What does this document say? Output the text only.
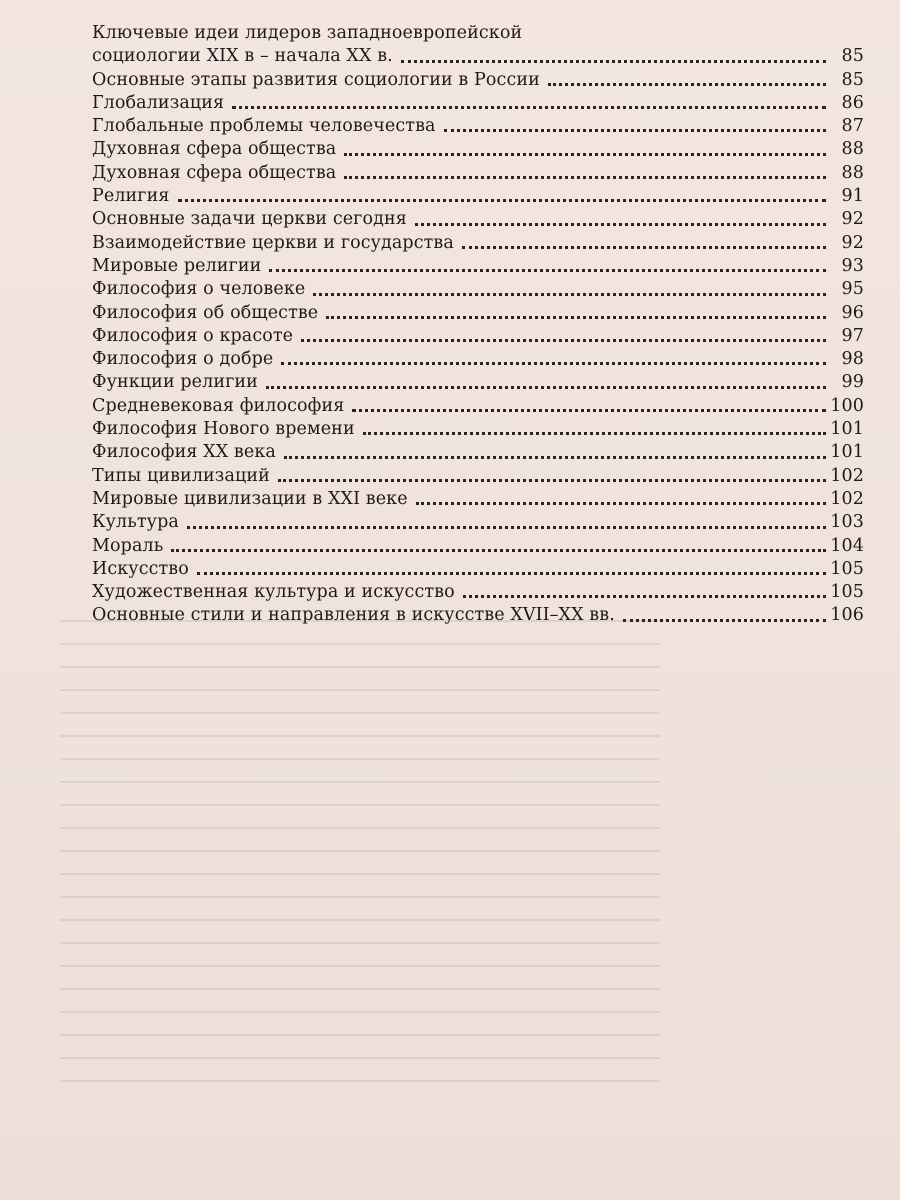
Ключевые идеи лидеров западноевропейской
социологии XIX в – начала XX в.	85
Основные этапы развития социологии в России	85
Глобализация	86
Глобальные проблемы человечества	87
Духовная сфера общества	88
Духовная сфера общества	88
Религия	91
Основные задачи церкви сегодня	92
Взаимодействие церкви и государства	92
Мировые религии	93
Философия о человеке	95
Философия об обществе	96
Философия о красоте	97
Философия о добре	98
Функции религии	99
Средневековая философия	100
Философия Нового времени	101
Философия XX века	101
Типы цивилизаций	102
Мировые цивилизации в XXI веке	102
Культура	103
Мораль	104
Искусство	105
Художественная культура и искусство	105
Основные стили и направления в искусстве XVII–XX вв.	106
